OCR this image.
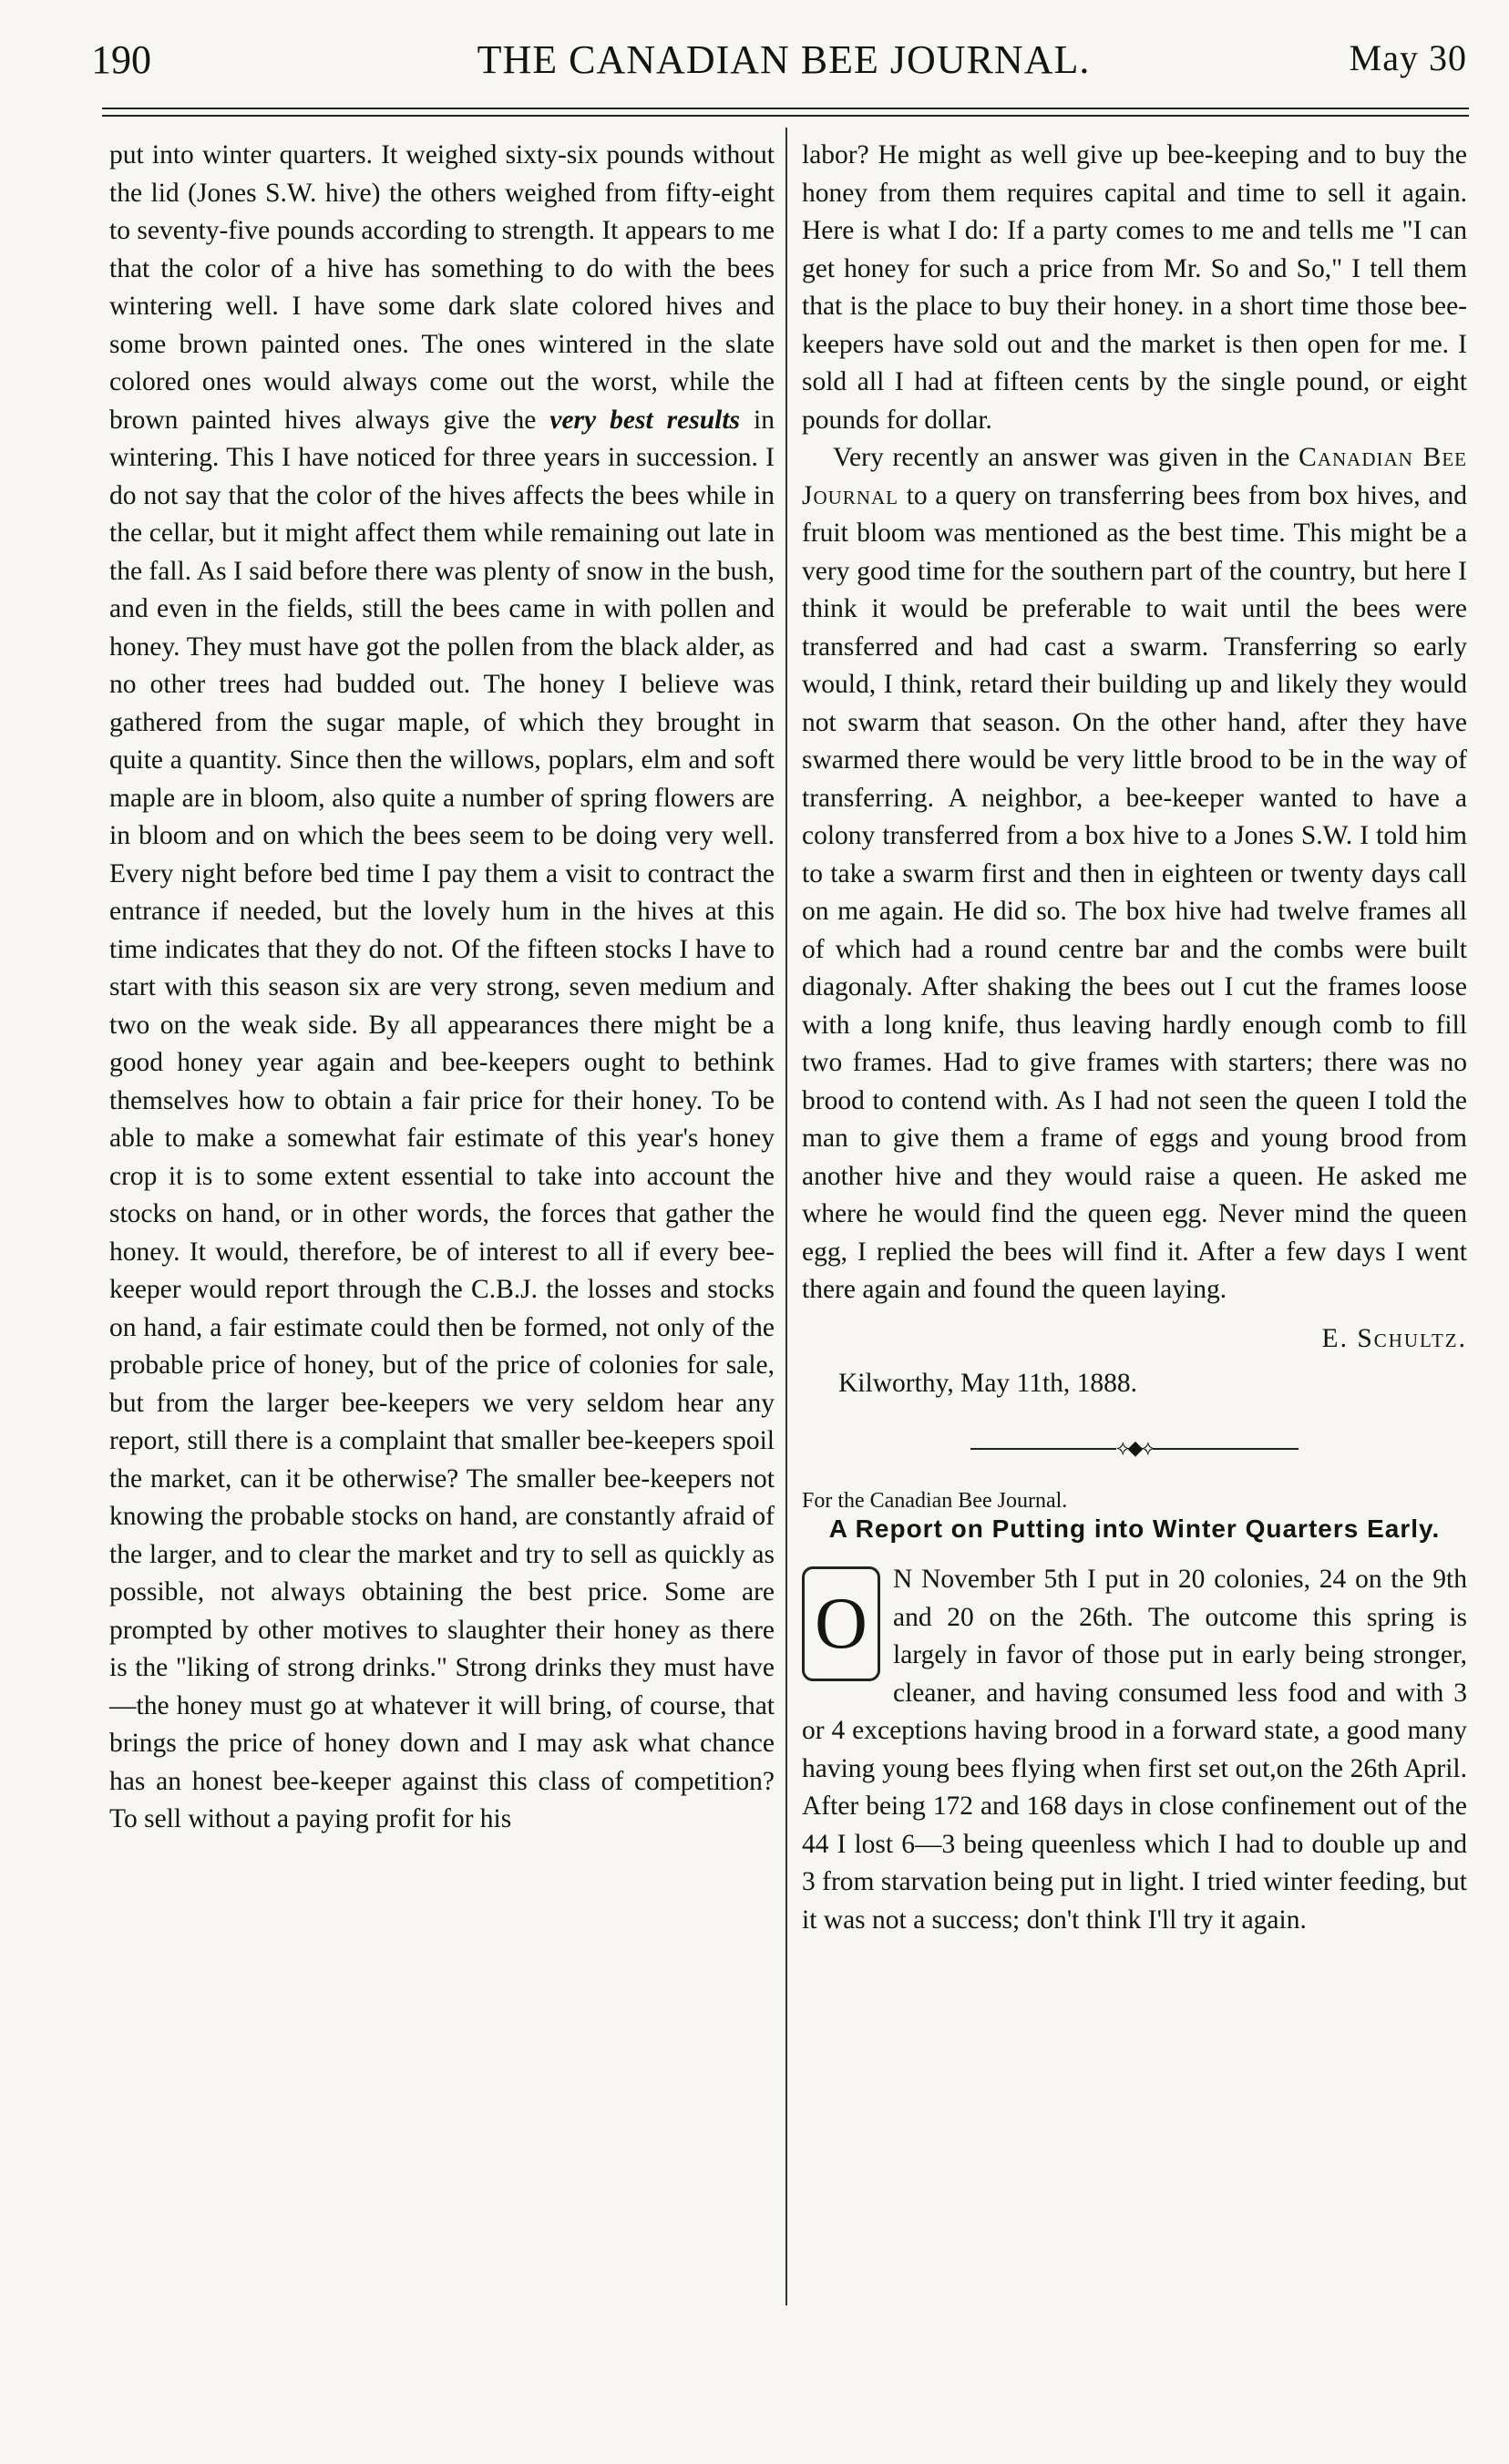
THE CANADIAN BEE JOURNAL.
190	May 30

put into winter quarters. It weighed sixty-six pounds without the lid (Jones S.W. hive) the others weighed from fifty-eight to seventy-five pounds according to strength. It appears to me that the color of a hive has something to do with the bees wintering well. I have some dark slate colored hives and some brown painted ones. The ones wintered in the slate colored ones would always come out the worst, while the brown painted hives always give the very best results in wintering. This I have noticed for three years in succession. I do not say that the color of the hives affects the bees while in the cellar, but it might affect them while remaining out late in the fall. As I said before there was plenty of snow in the bush, and even in the fields, still the bees came in with pollen and honey. They must have got the pollen from the black alder, as no other trees had budded out. The honey I believe was gathered from the sugar maple, of which they brought in quite a quantity. Since then the willows, poplars, elm and soft maple are in bloom, also quite a number of spring flowers are in bloom and on which the bees seem to be doing very well. Every night before bed time I pay them a visit to contract the entrance if needed, but the lovely hum in the hives at this time indicates that they do not. Of the fifteen stocks I have to start with this season six are very strong, seven medium and two on the weak side. By all appearances there might be a good honey year again and bee-keepers ought to bethink themselves how to obtain a fair price for their honey. To be able to make a somewhat fair estimate of this year's honey crop it is to some extent essential to take into account the stocks on hand, or in other words, the forces that gather the honey. It would, therefore, be of interest to all if every bee-keeper would report through the C.B.J. the losses and stocks on hand, a fair estimate could then be formed, not only of the probable price of honey, but of the price of colonies for sale, but from the larger bee-keepers we very seldom hear any report, still there is a complaint that smaller bee-keepers spoil the market, can it be otherwise? The smaller bee-keepers not knowing the probable stocks on hand, are constantly afraid of the larger, and to clear the market and try to sell as quickly as possible, not always obtaining the best price. Some are prompted by other motives to slaughter their honey as there is the "liking of strong drinks." Strong drinks they must have—the honey must go at whatever it will bring, of course, that brings the price of honey down and I may ask what chance has an honest bee-keeper against this class of competition? To sell without a paying profit for his

labor? He might as well give up bee-keeping and to buy the honey from them requires capital and time to sell it again. Here is what I do: If a party comes to me and tells me "I can get honey for such a price from Mr. So and So," I tell them that is the place to buy their honey. in a short time those bee-keepers have sold out and the market is then open for me. I sold all I had at fifteen cents by the single pound, or eight pounds for dollar.

Very recently an answer was given in the Canadian Bee Journal to a query on transferring bees from box hives, and fruit bloom was mentioned as the best time. This might be a very good time for the southern part of the country, but here I think it would be preferable to wait until the bees were transferred and had cast a swarm. Transferring so early would, I think, retard their building up and likely they would not swarm that season. On the other hand, after they have swarmed there would be very little brood to be in the way of transferring. A neighbor, a bee-keeper wanted to have a colony transferred from a box hive to a Jones S.W. I told him to take a swarm first and then in eighteen or twenty days call on me again. He did so. The box hive had twelve frames all of which had a round centre bar and the combs were built diagonaly. After shaking the bees out I cut the frames loose with a long knife, thus leaving hardly enough comb to fill two frames. Had to give frames with starters; there was no brood to contend with. As I had not seen the queen I told the man to give them a frame of eggs and young brood from another hive and they would raise a queen. He asked me where he would find the queen egg. Never mind the queen egg, I replied the bees will find it. After a few days I went there again and found the queen laying.

E. Schultz.

Kilworthy, May 11th, 1888.

⟡◆⟡

For the Canadian Bee Journal.

A Report on Putting into Winter Quarters Early.
O

N November 5th I put in 20 colonies, 24 on the 9th and 20 on the 26th. The outcome this spring is largely in favor of those put in early being stronger, cleaner, and having consumed less food and with 3 or 4 exceptions having brood in a forward state, a good many having young bees flying when first set out,on the 26th April. After being 172 and 168 days in close confinement out of the 44 I lost 6—3 being queenless which I had to double up and 3 from starvation being put in light. I tried winter feeding, but it was not a success; don't think I'll try it again.
